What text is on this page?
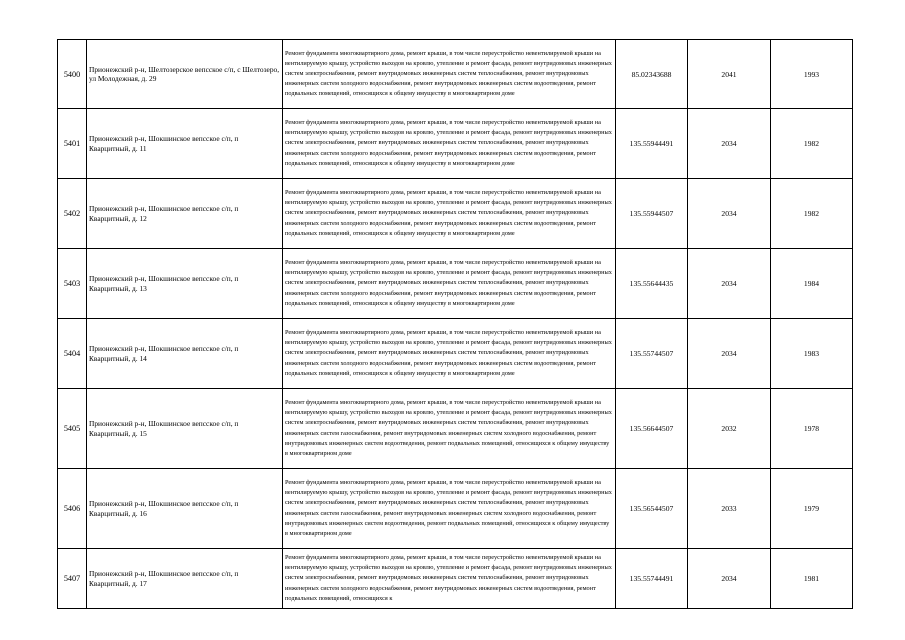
5400	Прионежский р-н, Шелтозерское вепсское с/п, с Шелтозеро, ул Молодежная, д. 29	Ремонт фундамента многоквартирного дома, ремонт крыши, в том числе переустройство невентилируемой крыши на вентилируемую крышу, устройство выходов на кровлю, утепление и ремонт фасада, ремонт внутридомовых инженерных систем электроснабжения, ремонт внутридомовых инженерных систем теплоснабжения, ремонт внутридомовых инженерных систем холодного водоснабжения, ремонт внутридомовых инженерных систем водоотведения, ремонт подвальных помещений, относящихся к общему имуществу в многоквартирном доме	85.02343688	2041	1993
5401	Прионежский р-н, Шокшинское вепсское с/п, п Кварцитный, д. 11	Ремонт фундамента многоквартирного дома, ремонт крыши, в том числе переустройство невентилируемой крыши на вентилируемую крышу, устройство выходов на кровлю, утепление и ремонт фасада, ремонт внутридомовых инженерных систем электроснабжения, ремонт внутридомовых инженерных систем теплоснабжения, ремонт внутридомовых инженерных систем холодного водоснабжения, ремонт внутридомовых инженерных систем водоотведения, ремонт подвальных помещений, относящихся к общему имуществу в многоквартирном доме	135.55944491	2034	1982
5402	Прионежский р-н, Шокшинское вепсское с/п, п Кварцитный, д. 12	Ремонт фундамента многоквартирного дома, ремонт крыши, в том числе переустройство невентилируемой крыши на вентилируемую крышу, устройство выходов на кровлю, утепление и ремонт фасада, ремонт внутридомовых инженерных систем электроснабжения, ремонт внутридомовых инженерных систем теплоснабжения, ремонт внутридомовых инженерных систем холодного водоснабжения, ремонт внутридомовых инженерных систем водоотведения, ремонт подвальных помещений, относящихся к общему имуществу в многоквартирном доме	135.55944507	2034	1982
5403	Прионежский р-н, Шокшинское вепсское с/п, п Кварцитный, д. 13	Ремонт фундамента многоквартирного дома, ремонт крыши, в том числе переустройство невентилируемой крыши на вентилируемую крышу, устройство выходов на кровлю, утепление и ремонт фасада, ремонт внутридомовых инженерных систем электроснабжения, ремонт внутридомовых инженерных систем теплоснабжения, ремонт внутридомовых инженерных систем холодного водоснабжения, ремонт внутридомовых инженерных систем водоотведения, ремонт подвальных помещений, относящихся к общему имуществу в многоквартирном доме	135.55644435	2034	1984
5404	Прионежский р-н, Шокшинское вепсское с/п, п Кварцитный, д. 14	Ремонт фундамента многоквартирного дома, ремонт крыши, в том числе переустройство невентилируемой крыши на вентилируемую крышу, устройство выходов на кровлю, утепление и ремонт фасада, ремонт внутридомовых инженерных систем электроснабжения, ремонт внутридомовых инженерных систем теплоснабжения, ремонт внутридомовых инженерных систем холодного водоснабжения, ремонт внутридомовых инженерных систем водоотведения, ремонт подвальных помещений, относящихся к общему имуществу в многоквартирном доме	135.55744507	2034	1983
5405	Прионежский р-н, Шокшинское вепсское с/п, п Кварцитный, д. 15	Ремонт фундамента многоквартирного дома, ремонт крыши, в том числе переустройство невентилируемой крыши на вентилируемую крышу, устройство выходов на кровлю, утепление и ремонт фасада, ремонт внутридомовых инженерных систем электроснабжения, ремонт внутридомовых инженерных систем теплоснабжения, ремонт внутридомовых инженерных систем газоснабжения, ремонт внутридомовых инженерных систем холодного водоснабжения, ремонт внутридомовых инженерных систем водоотведения, ремонт подвальных помещений, относящихся к общему имуществу в многоквартирном доме	135.56644507	2032	1978
5406	Прионежский р-н, Шокшинское вепсское с/п, п Кварцитный, д. 16	Ремонт фундамента многоквартирного дома, ремонт крыши, в том числе переустройство невентилируемой крыши на вентилируемую крышу, устройство выходов на кровлю, утепление и ремонт фасада, ремонт внутридомовых инженерных систем электроснабжения, ремонт внутридомовых инженерных систем теплоснабжения, ремонт внутридомовых инженерных систем газоснабжения, ремонт внутридомовых инженерных систем холодного водоснабжения, ремонт внутридомовых инженерных систем водоотведения, ремонт подвальных помещений, относящихся к общему имуществу в многоквартирном доме	135.56544507	2033	1979
5407	Прионежский р-н, Шокшинское вепсское с/п, п Кварцитный, д. 17	Ремонт фундамента многоквартирного дома, ремонт крыши, в том числе переустройство невентилируемой крыши на вентилируемую крышу, устройство выходов на кровлю, утепление и ремонт фасада, ремонт внутридомовых инженерных систем электроснабжения, ремонт внутридомовых инженерных систем теплоснабжения, ремонт внутридомовых инженерных систем холодного водоснабжения, ремонт внутридомовых инженерных систем водоотведения, ремонт подвальных помещений, относящихся к	135.55744491	2034	1981
